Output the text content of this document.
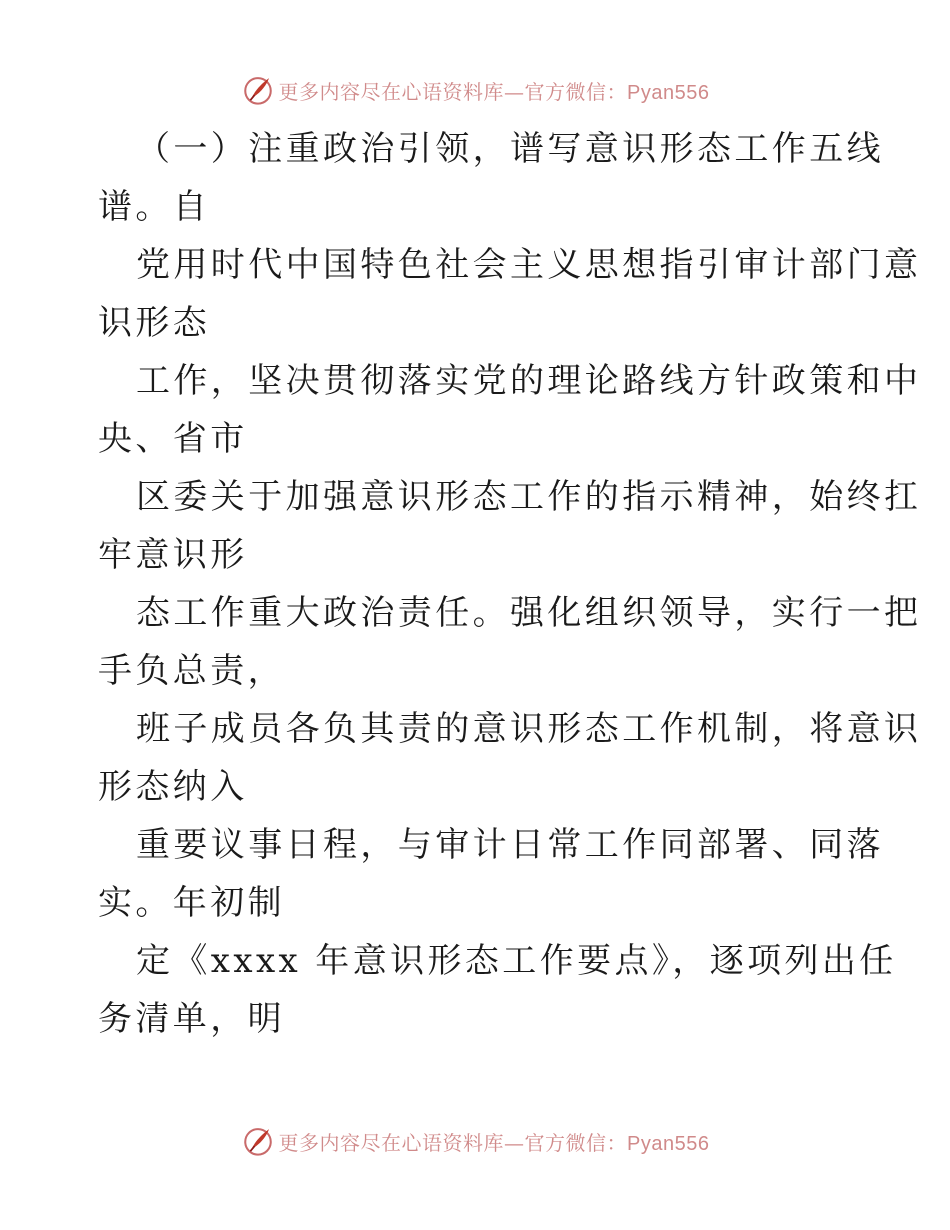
更多内容尽在心语资料库—官方微信：Pyan556
（一）注重政治引领，谱写意识形态工作五线
谱。自
党用时代中国特色社会主义思想指引审计部门意
识形态
工作，坚决贯彻落实党的理论路线方针政策和中
央、省市
区委关于加强意识形态工作的指示精神，始终扛
牢意识形
态工作重大政治责任。强化组织领导，实行一把
手负总责，
班子成员各负其责的意识形态工作机制，将意识
形态纳入
重要议事日程，与审计日常工作同部署、同落
实。年初制
定《xxxx 年意识形态工作要点》，逐项列出任
务清单，明
更多内容尽在心语资料库—官方微信：Pyan556
